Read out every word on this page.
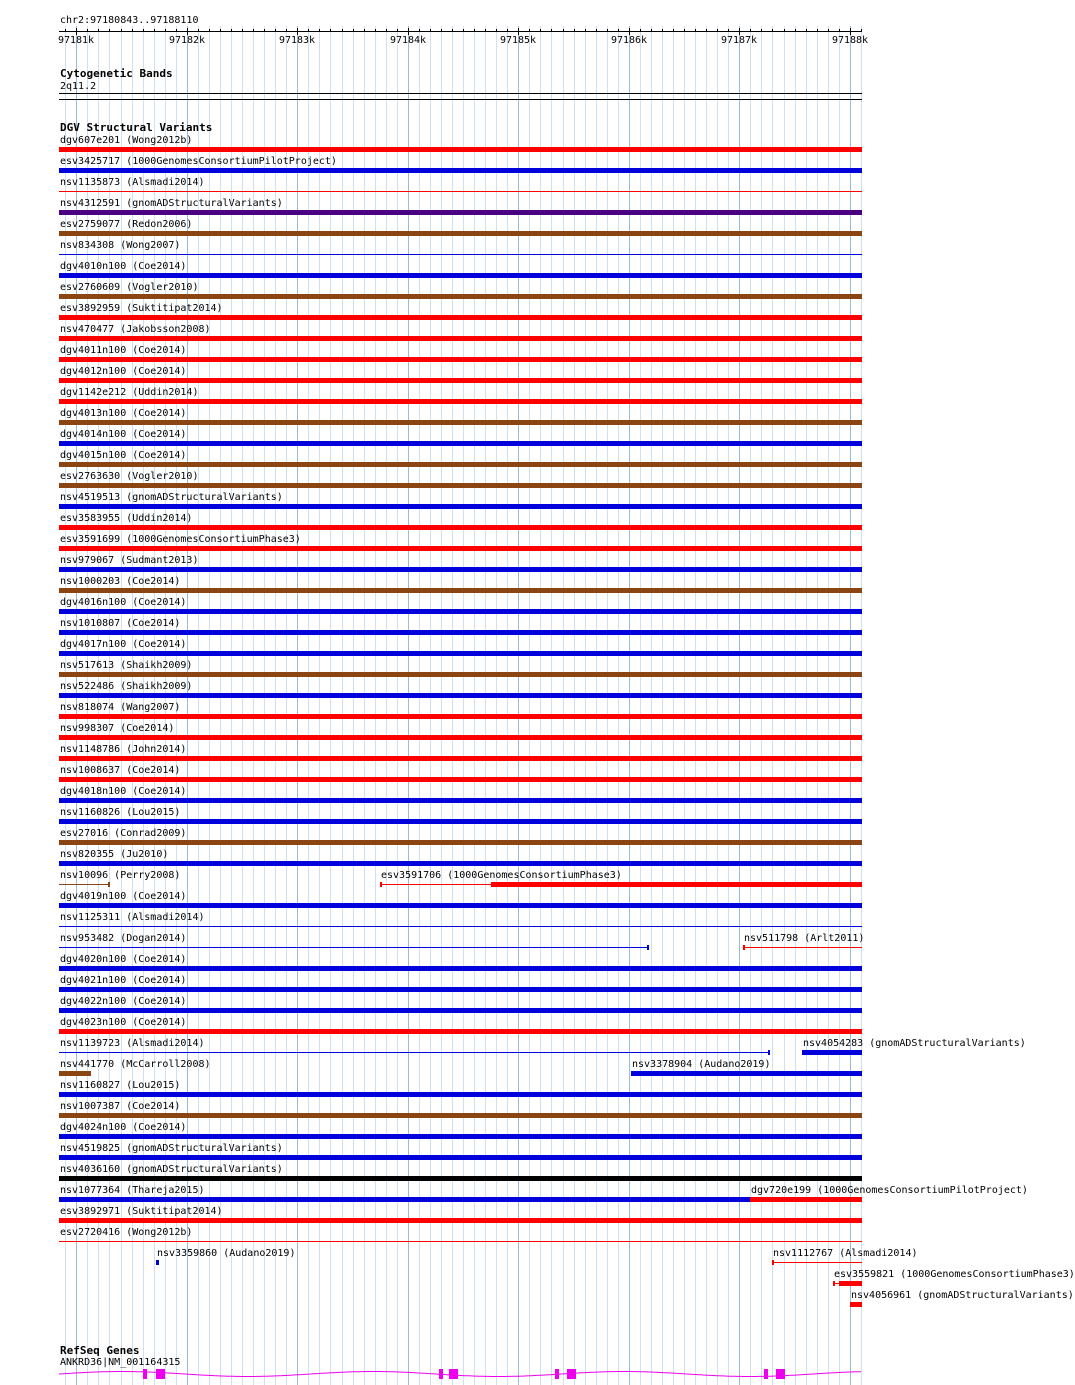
chr2:97180843..97188110
97181k	97182k	97183k	97184k	97185k	97186k	97187k	97188k
Cytogenetic Bands
2q11.2
DGV Structural Variants
dgv607e201 (Wong2012b)
esv3425717 (1000GenomesConsortiumPilotProject)
nsv1135873 (Alsmadi2014)
nsv4312591 (gnomADStructuralVariants)
esv2759077 (Redon2006)
nsv834308 (Wong2007)
dgv4010n100 (Coe2014)
esv2760609 (Vogler2010)
esv3892959 (Suktitipat2014)
nsv470477 (Jakobsson2008)
dgv4011n100 (Coe2014)
dgv4012n100 (Coe2014)
dgv1142e212 (Uddin2014)
dgv4013n100 (Coe2014)
dgv4014n100 (Coe2014)
dgv4015n100 (Coe2014)
esv2763630 (Vogler2010)
nsv4519513 (gnomADStructuralVariants)
esv3583955 (Uddin2014)
esv3591699 (1000GenomesConsortiumPhase3)
nsv979067 (Sudmant2013)
nsv1000203 (Coe2014)
dgv4016n100 (Coe2014)
nsv1010807 (Coe2014)
dgv4017n100 (Coe2014)
nsv517613 (Shaikh2009)
nsv522486 (Shaikh2009)
nsv818074 (Wang2007)
nsv998307 (Coe2014)
nsv1148786 (John2014)
nsv1008637 (Coe2014)
dgv4018n100 (Coe2014)
nsv1160826 (Lou2015)
esv27016 (Conrad2009)
nsv820355 (Ju2010)
nsv10096 (Perry2008)	esv3591706 (1000GenomesConsortiumPhase3)
dgv4019n100 (Coe2014)
nsv1125311 (Alsmadi2014)
nsv953482 (Dogan2014)	nsv511798 (Arlt2011)
dgv4020n100 (Coe2014)
dgv4021n100 (Coe2014)
dgv4022n100 (Coe2014)
dgv4023n100 (Coe2014)
nsv1139723 (Alsmadi2014)	nsv4054283 (gnomADStructuralVariants)
nsv441770 (McCarroll2008)	nsv3378904 (Audano2019)
nsv1160827 (Lou2015)
nsv1007387 (Coe2014)
dgv4024n100 (Coe2014)
nsv4519825 (gnomADStructuralVariants)
nsv4036160 (gnomADStructuralVariants)
nsv1077364 (Thareja2015)	dgv720e199 (1000GenomesConsortiumPilotProject)
esv3892971 (Suktitipat2014)
esv2720416 (Wong2012b)
nsv3359860 (Audano2019)	nsv1112767 (Alsmadi2014)
esv3559821 (1000GenomesConsortiumPhase3)
nsv4056961 (gnomADStructuralVariants)
RefSeq Genes
ANKRD36|NM_001164315
